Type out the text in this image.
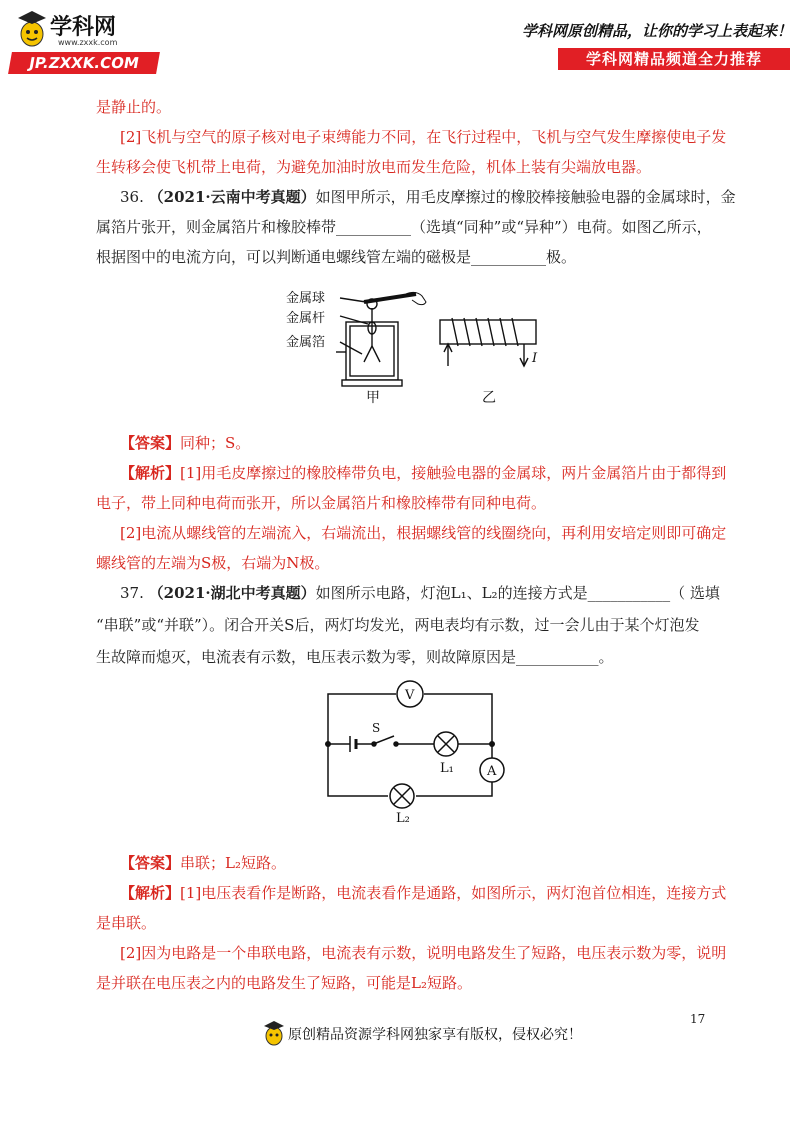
学科网
www.zxxk.com
JP.ZXXK.COM
学科网原创精品，让你的学习上表起来！
学科网精品频道全力推荐
是静止的。
[2]飞机与空气的原子核对电子束缚能力不同，在飞行过程中，飞机与空气发生摩擦使电子发
生转移会使飞机带上电荷，为避免加油时放电而发生危险，机体上装有尖端放电器。
36. （2021·云南中考真题）如图甲所示，用毛皮摩擦过的橡胶棒接触验电器的金属球时，金
属箔片张开，则金属箔片和橡胶棒带__________（选填“同种”或“异种”）电荷。如图乙所示，
根据图中的电流方向，可以判断通电螺线管左端的磁极是__________极。
金属球
金属杆
金属箔
甲
I
乙
【答案】同种；S。
【解析】[1]用毛皮摩擦过的橡胶棒带负电，接触验电器的金属球，两片金属箔片由于都得到
电子，带上同种电荷而张开，所以金属箔片和橡胶棒带有同种电荷。
[2]电流从螺线管的左端流入，右端流出，根据螺线管的线圈绕向，再利用安培定则即可确定
螺线管的左端为S极，右端为N极。
37. （2021·湖北中考真题）如图所示电路，灯泡L₁、L₂的连接方式是___________（ 选填
“串联”或“并联”）。闭合开关S后，两灯均发光，两电表均有示数，过一会儿由于某个灯泡发
生故障而熄灭，电流表有示数，电压表示数为零，则故障原因是___________。
V
A
S
L₁
L₂
【答案】串联；L₂短路。
【解析】[1]电压表看作是断路，电流表看作是通路，如图所示，两灯泡首位相连，连接方式
是串联。
[2]因为电路是一个串联电路，电流表有示数，说明电路发生了短路，电压表示数为零，说明
是并联在电压表之内的电路发生了短路，可能是L₂短路。
17
原创精品资源学科网独家享有版权，侵权必究！
